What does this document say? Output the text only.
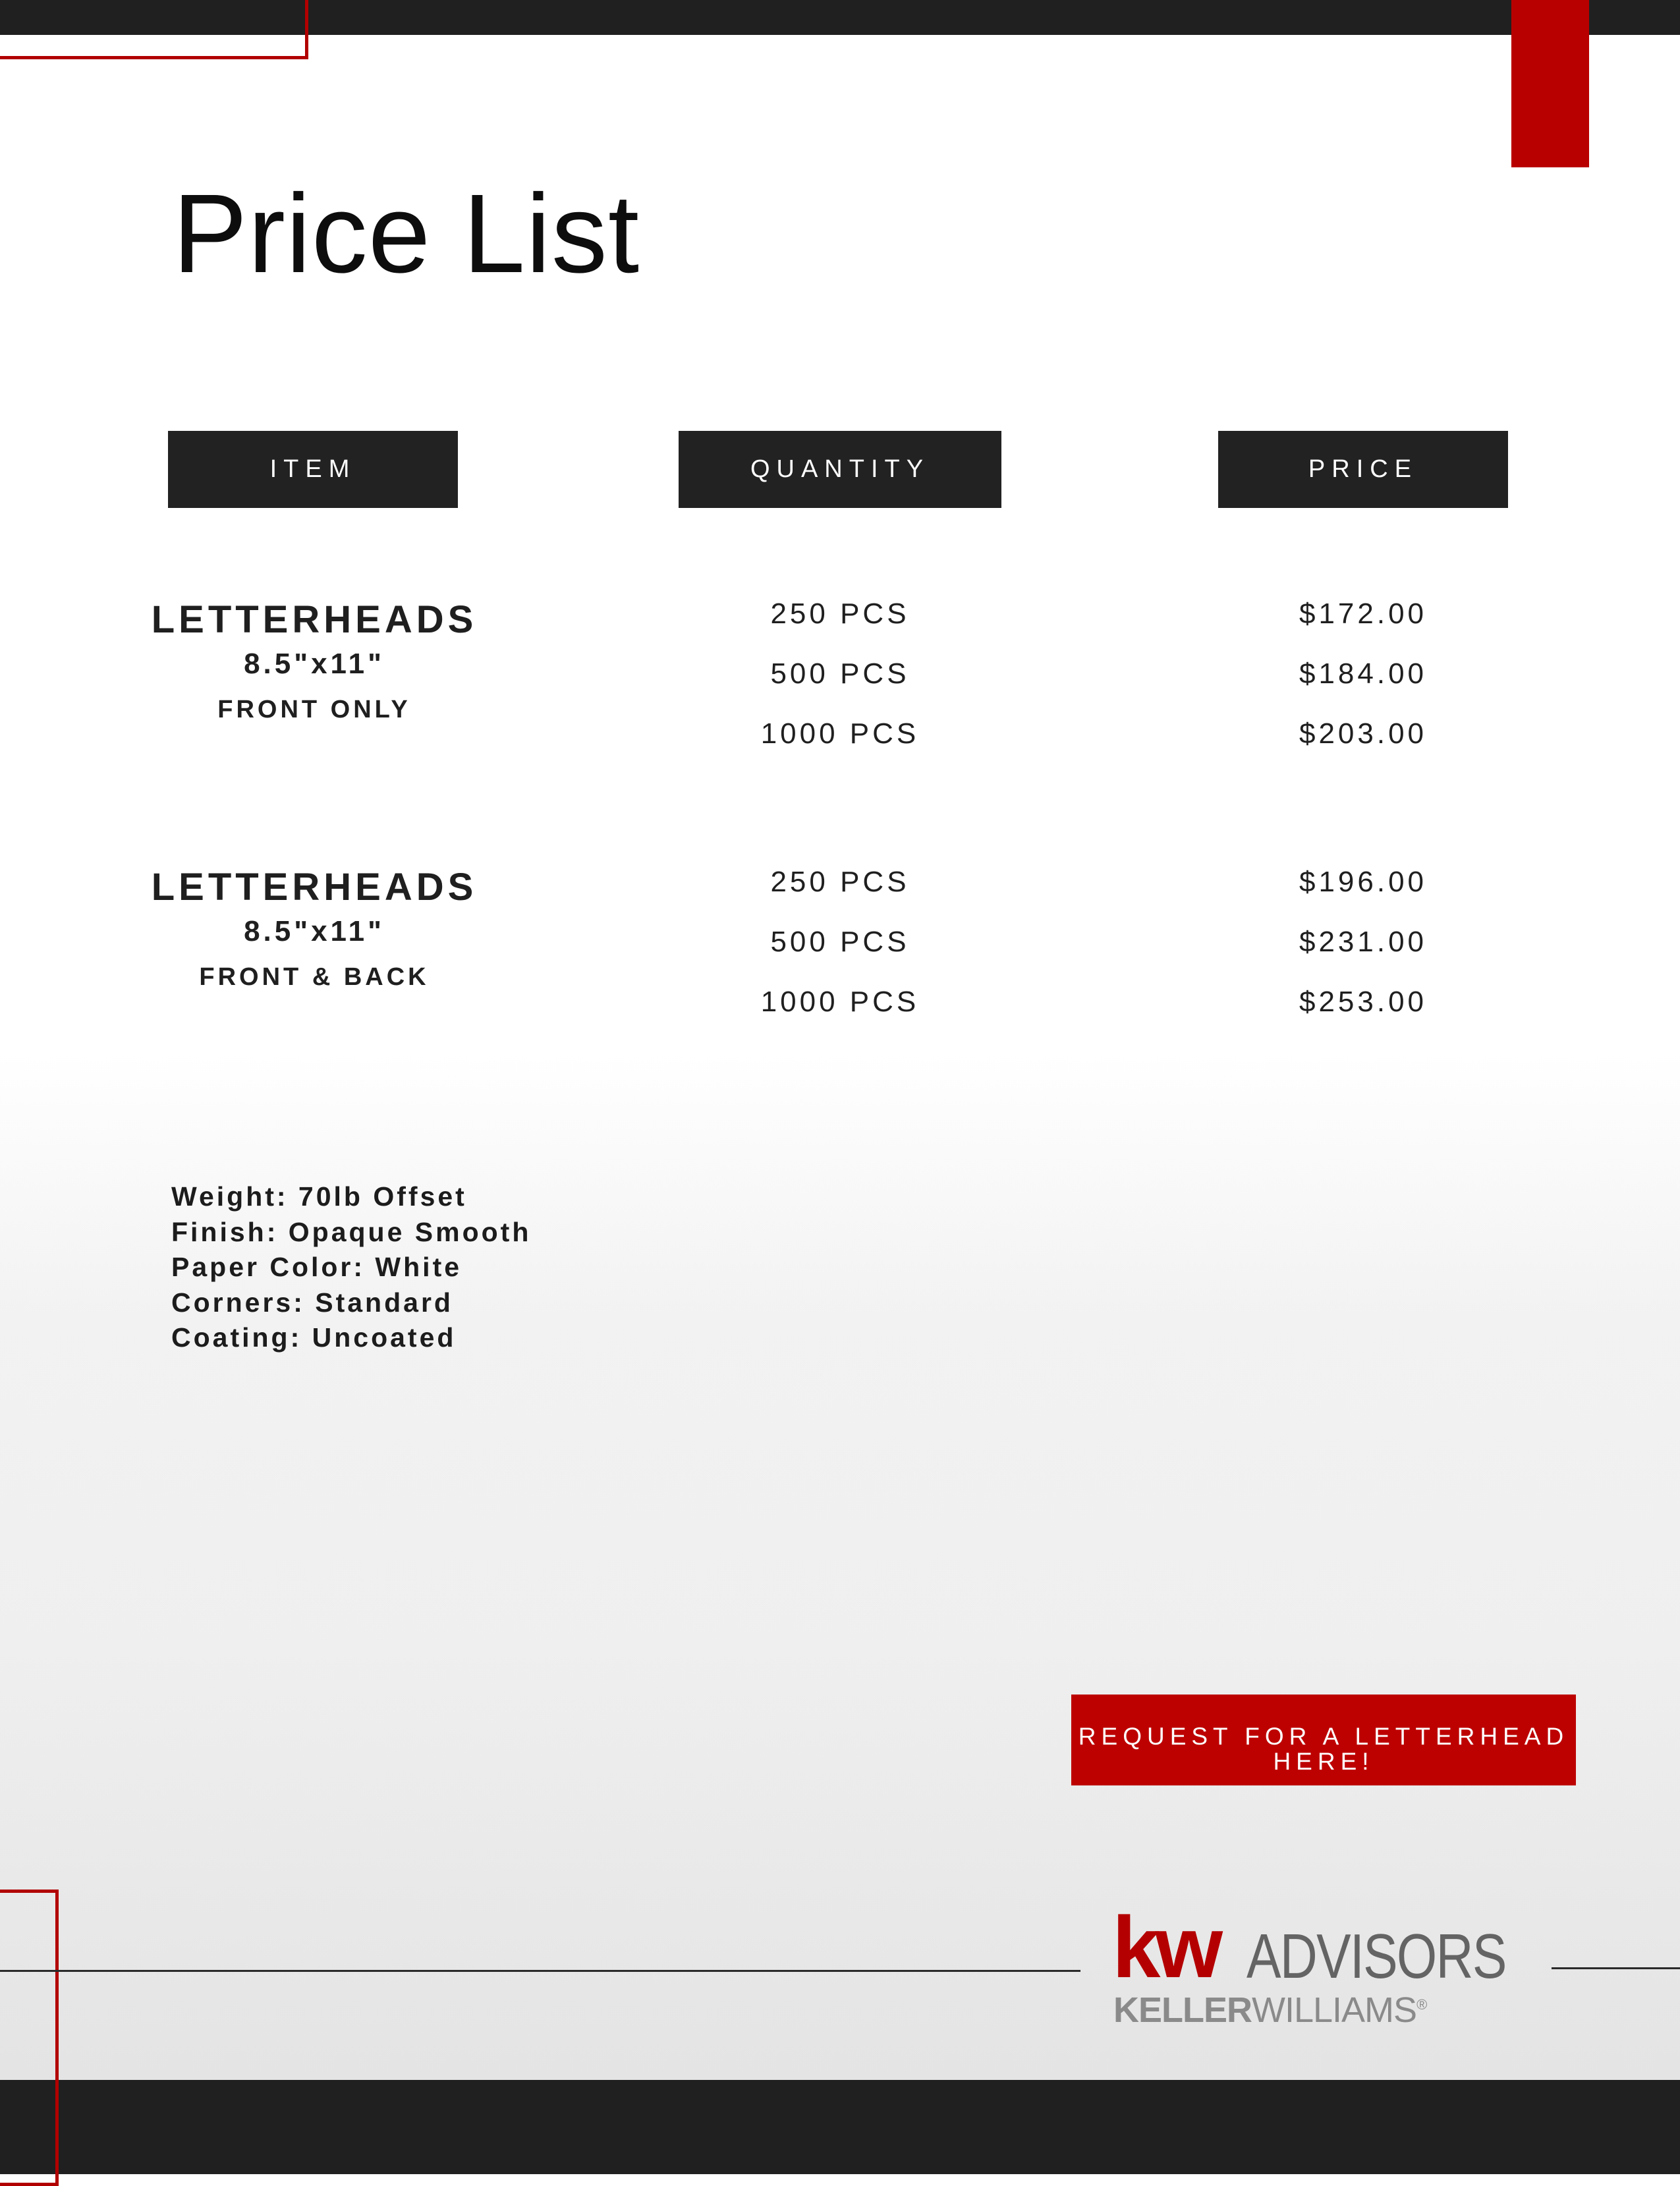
Price List
ITEM	QUANTITY	PRICE
LETTERHEADS
8.5"x11"
FRONT ONLY
250 PCS
500 PCS
1000 PCS
$172.00
$184.00
$203.00
LETTERHEADS
8.5"x11"
FRONT & BACK
250 PCS
500 PCS
1000 PCS
$196.00
$231.00
$253.00
Weight: 70lb Offset
Finish: Opaque Smooth
Paper Color: White
Corners: Standard
Coating: Uncoated
REQUEST FOR A LETTERHEAD
HERE!
kw ADVISORS
KELLERWILLIAMS®
